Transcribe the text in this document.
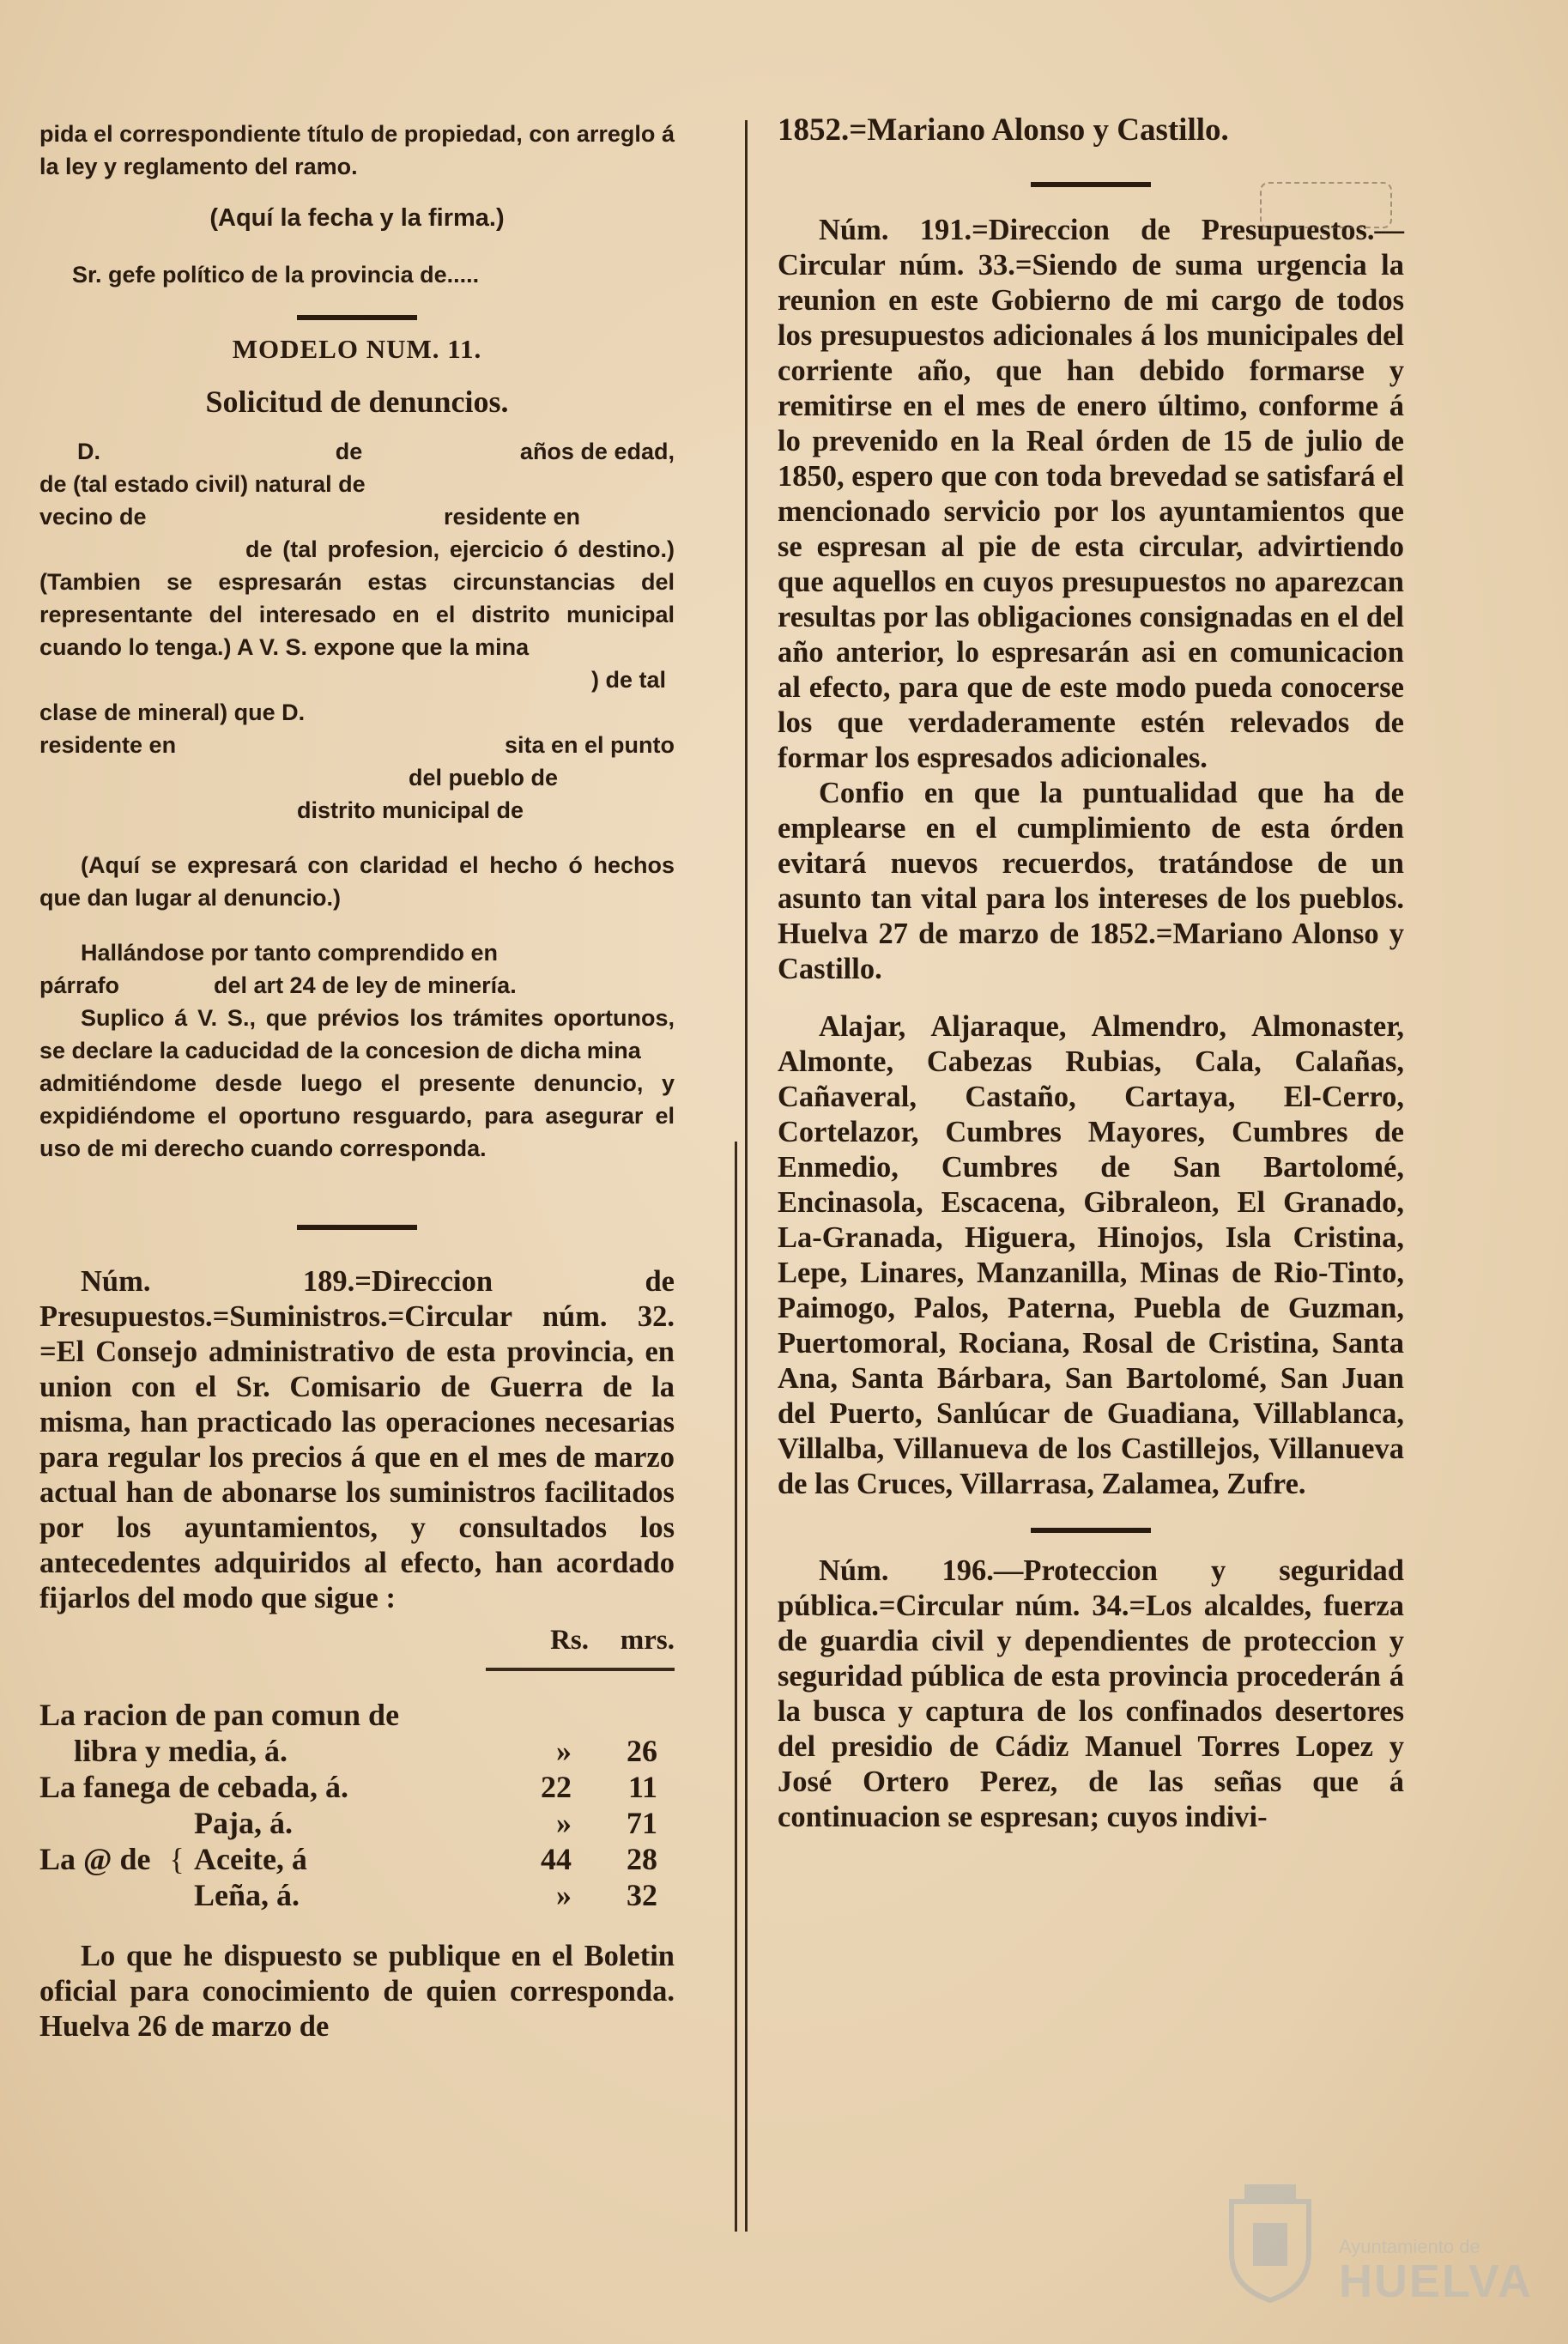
pida el correspondiente título de propiedad, con arreglo á la ley y reglamento del ramo.

(Aquí la fecha y la firma.)

Sr. gefe político de la provincia de.....

MODELO NUM. 11.

Solicitud de denuncios.

D.	de	años de edad,

de (tal estado civil) natural de

vecino de	residente en

de (tal profesion, ejercicio ó destino.) (Tambien se espresarán estas circunstancias del representante del interesado en el distrito municipal cuando lo tenga.) A V. S. expone que la mina

) de tal

clase de mineral) que D.

residente en	sita en el punto

del pueblo de

distrito municipal de

(Aquí se expresará con claridad el hecho ó hechos que dan lugar al denuncio.)

Hallándose por tanto comprendido en

párrafo	del art 24 de ley de minería.

Suplico á V. S., que prévios los trámites oportunos, se declare la caducidad de la concesion de dicha mina

admitiéndome desde luego el presente denuncio, y expidiéndome el oportuno resguardo, para asegurar el uso de mi derecho cuando corresponda.

Núm. 189.=Direccion de Presupuestos.=Suministros.=Circular núm. 32. =El Consejo administrativo de esta provincia, en union con el Sr. Comisario de Guerra de la misma, han practicado las operaciones necesarias para regular los precios á que en el mes de marzo actual han de abonarse los suministros facilitados por los ayuntamientos, y consultados los antecedentes adquiridos al efecto, han acordado fijarlos del modo que sigue :

Rs.	mrs.
La racion de pan comun de
libra y media, á.	»	26
La fanega de cebada, á.	22	11
Paja, á.	»	71
La @ de { Aceite, á	44	28
Leña, á.	»	32

Lo que he dispuesto se publique en el Boletin oficial para conocimiento de quien corresponda. Huelva 26 de marzo de

1852.=Mariano Alonso y Castillo.

Núm. 191.=Direccion de Presupuestos.—Circular núm. 33.=Siendo de suma urgencia la reunion en este Gobierno de mi cargo de todos los presupuestos adicionales á los municipales del corriente año, que han debido formarse y remitirse en el mes de enero último, conforme á lo prevenido en la Real órden de 15 de julio de 1850, espero que con toda brevedad se satisfará el mencionado servicio por los ayuntamientos que se espresan al pie de esta circular, advirtiendo que aquellos en cuyos presupuestos no aparezcan resultas por las obligaciones consignadas en el del año anterior, lo espresarán asi en comunicacion al efecto, para que de este modo pueda conocerse los que verdaderamente estén relevados de formar los espresados adicionales.

Confio en que la puntualidad que ha de emplearse en el cumplimiento de esta órden evitará nuevos recuerdos, tratándose de un asunto tan vital para los intereses de los pueblos. Huelva 27 de marzo de 1852.=Mariano Alonso y Castillo.

Alajar, Aljaraque, Almendro, Almonaster, Almonte, Cabezas Rubias, Cala, Calañas, Cañaveral, Castaño, Cartaya, El-Cerro, Cortelazor, Cumbres Mayores, Cumbres de Enmedio, Cumbres de San Bartolomé, Encinasola, Escacena, Gibraleon, El Granado, La-Granada, Higuera, Hinojos, Isla Cristina, Lepe, Linares, Manzanilla, Minas de Rio-Tinto, Paimogo, Palos, Paterna, Puebla de Guzman, Puertomoral, Rociana, Rosal de Cristina, Santa Ana, Santa Bárbara, San Bartolomé, San Juan del Puerto, Sanlúcar de Guadiana, Villablanca, Villalba, Villanueva de los Castillejos, Villanueva de las Cruces, Villarrasa, Zalamea, Zufre.

Núm. 196.—Proteccion y seguridad pública.=Circular núm. 34.=Los alcaldes, fuerza de guardia civil y dependientes de proteccion y seguridad pública de esta provincia procederán á la busca y captura de los confinados desertores del presidio de Cádiz Manuel Torres Lopez y José Ortero Perez, de las señas que á continuacion se espresan; cuyos indivi-

Ayuntamiento de
HUELVA
